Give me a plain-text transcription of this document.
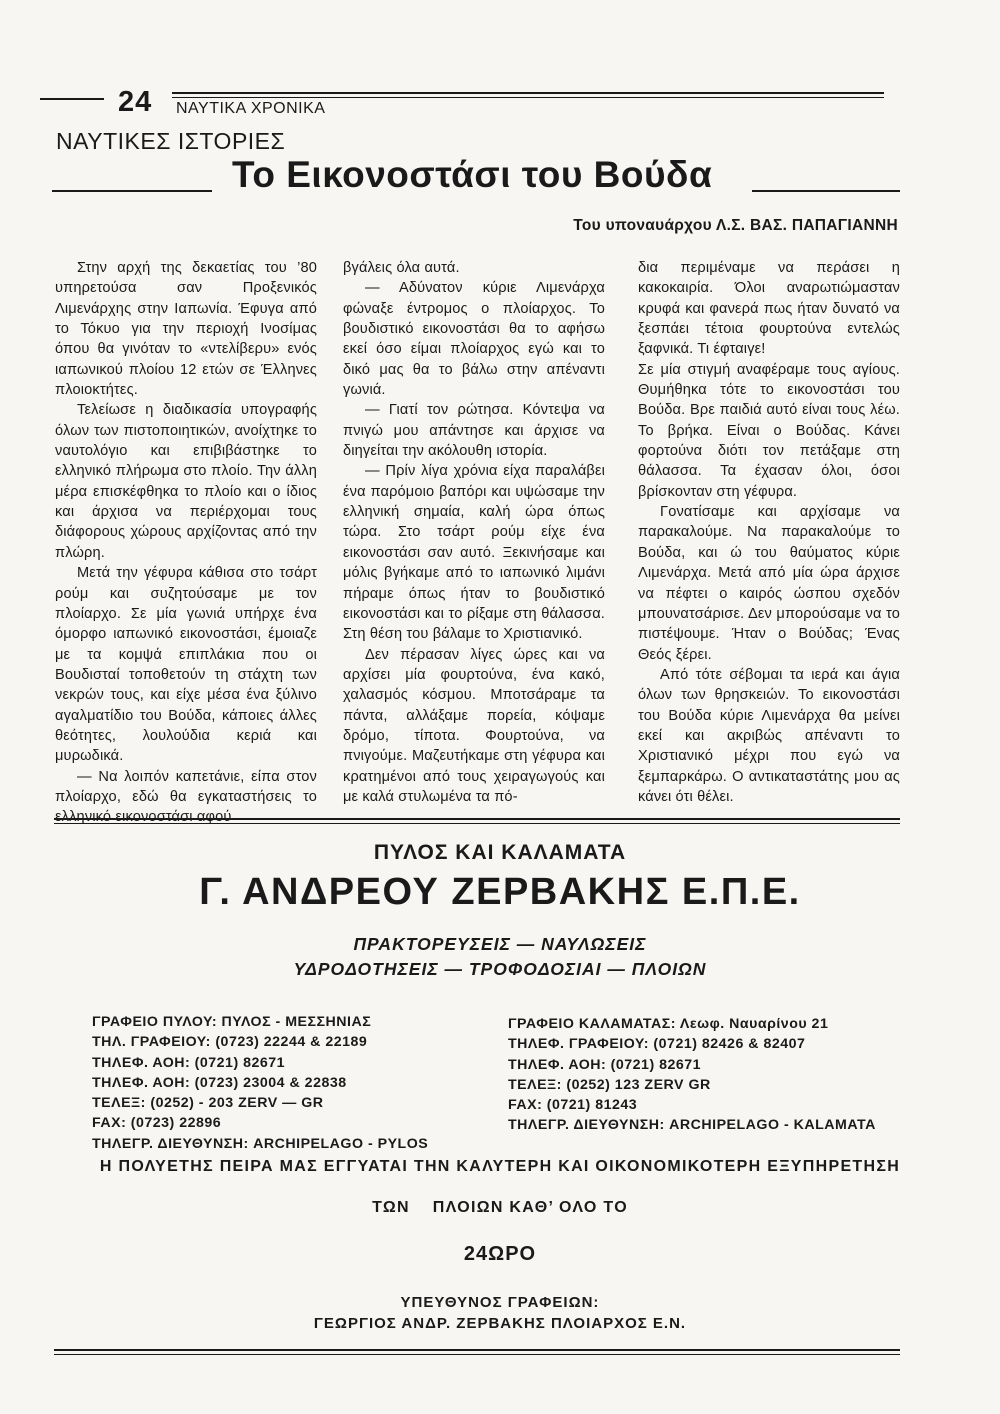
24 ΝΑΥΤΙΚΑ ΧΡΟΝΙΚΑ
ΝΑΥΤΙΚΕΣ ΙΣΤΟΡΙΕΣ
Το Εικονοστάσι του Βούδα
Του υποναυάρχου Λ.Σ. ΒΑΣ. ΠΑΠΑΓΙΑΝΝΗ

Στην αρχή της δεκαετίας του ’80 υπηρετούσα σαν Προξενικός Λιμενάρχης στην Ιαπωνία. Έφυγα από το Τόκυο για την περιοχή Ινοσίμας όπου θα γινόταν το «ντελίβερυ» ενός ιαπωνικού πλοίου 12 ετών σε Έλληνες πλοιοκτήτες.

Τελείωσε η διαδικασία υπογραφής όλων των πιστοποιητικών, ανοίχτηκε το ναυτολόγιο και επιβιβάστηκε το ελληνικό πλήρωμα στο πλοίο. Την άλλη μέρα επισκέφθηκα το πλοίο και ο ίδιος και άρχισα να περιέρχομαι τους διάφορους χώρους αρχίζοντας από την πλώρη.

Μετά την γέφυρα κάθισα στο τσάρτ ρούμ και συζητούσαμε με τον πλοίαρχο. Σε μία γωνιά υπήρχε ένα όμορφο ιαπωνικό εικονοστάσι, έμοιαζε με τα κομψά επιπλάκια που οι Βουδισταί τοποθετούν τη στάχτη των νεκρών τους, και είχε μέσα ένα ξύλινο αγαλματίδιο του Βούδα, κάποιες άλλες θεότητες, λουλούδια κεριά και μυρωδικά.

— Να λοιπόν καπετάνιε, είπα στον πλοίαρχο, εδώ θα εγκαταστήσεις το

βγάλεις όλα αυτά.

— Αδύνατον κύριε Λιμενάρχα φώναξε έντρομος ο πλοίαρχος. Το βουδιστικό εικονοστάσι θα το αφήσω εκεί όσο είμαι πλοίαρχος εγώ και το δικό μας θα το βάλω στην απέναντι γωνιά.

— Γιατί τον ρώτησα. Κόντεψα να πνιγώ μου απάντησε και άρχισε να διηγείται την ακόλουθη ιστορία.

— Πρίν λίγα χρόνια είχα παραλάβει ένα παρόμοιο βαπόρι και υψώσαμε την ελληνική σημαία, καλή ώρα όπως τώρα. Στο τσάρτ ρούμ είχε ένα εικονοστάσι σαν αυτό. Ξεκινήσαμε και μόλις βγήκαμε από το ιαπωνικό λιμάνι πήραμε όπως ήταν το βουδιστικό εικονοστάσι και το ρίξαμε στη θάλασσα. Στη θέση του βάλαμε το Χριστιανικό.

Δεν πέρασαν λίγες ώρες και να αρχίσει μία φουρτούνα, ένα κακό, χαλασμός κόσμου. Μποτσάραμε τα πάντα, αλλάξαμε πορεία, κόψαμε δρόμο, τίποτα. Φουρτούνα, να πνιγούμε. Μαζευτήκαμε στη γέφυρα και κρατημένοι από τους χειραγωγούς και με καλά στυλωμένα τα πό-

δια περιμέναμε να περάσει η κακοκαιρία. Όλοι αναρωτιώμασταν κρυφά και φανερά πως ήταν δυνατό να ξεσπάει τέτοια φουρτούνα εντελώς ξαφνικά. Τι έφταιγε!

Σε μία στιγμή αναφέραμε τους αγίους. Θυμήθηκα τότε το εικονοστάσι του Βούδα. Βρε παιδιά αυτό είναι τους λέω. Το βρήκα. Είναι ο Βούδας. Κάνει φορτούνα διότι τον πετάξαμε στη θάλασσα. Τα έχασαν όλοι, όσοι βρίσκονταν στη γέφυρα.

Γονατίσαμε και αρχίσαμε να παρακαλούμε. Να παρακαλούμε το Βούδα, και ώ του θαύματος κύριε Λιμενάρχα. Μετά από μία ώρα άρχισε να πέφτει ο καιρός ώσπου σχεδόν μπουνατσάρισε. Δεν μπορούσαμε να το πιστέψουμε. Ήταν ο Βούδας; Ένας Θεός ξέρει.

Από τότε σέβομαι τα ιερά και άγια όλων των θρησκειών. Το εικονοστάσι του Βούδα κύριε Λιμενάρχα θα μείνει εκεί και ακριβώς απέναντι το Χριστιανικό μέχρι που εγώ να ξεμπαρκάρω. Ο αντικαταστάτης μου ας κάνει ότι θέλει.

ΠΥΛΟΣ ΚΑΙ ΚΑΛΑΜΑΤΑ
Γ. ΑΝΔΡΕΟΥ ΖΕΡΒΑΚΗΣ Ε.Π.Ε.
ΠΡΑΚΤΟΡΕΥΣΕΙΣ — ΝΑΥΛΩΣΕΙΣ
ΥΔΡΟΔΟΤΗΣΕΙΣ — ΤΡΟΦΟΔΟΣΙΑΙ — ΠΛΟΙΩΝ
ΓΡΑΦΕΙΟ ΠΥΛΟΥ: ΠΥΛΟΣ - ΜΕΣΣΗΝΙΑΣ
ΤΗΛ. ΓΡΑΦΕΙΟΥ: (0723) 22244 & 22189
ΤΗΛΕΦ. ΑΟΗ: (0721) 82671
ΤΗΛΕΦ. ΑΟΗ: (0723) 23004 & 22838
ΤΕΛΕΞ: (0252) - 203 ZERV — GR
FAX: (0723) 22896
ΤΗΛΕΓΡ. ΔΙΕΥΘΥΝΣΗ: ARCHIPELAGO - PYLOS
ΓΡΑΦΕΙΟ ΚΑΛΑΜΑΤΑΣ: Λεωφ. Ναυαρίνου 21
ΤΗΛΕΦ. ΓΡΑΦΕΙΟΥ: (0721) 82426 & 82407
ΤΗΛΕΦ. ΑΟΗ: (0721) 82671
ΤΕΛΕΞ: (0252) 123 ZERV GR
FAX: (0721) 81243
ΤΗΛΕΓΡ. ΔΙΕΥΘΥΝΣΗ: ARCHIPELAGO - KALAMATA
Η ΠΟΛΥΕΤΗΣ ΠΕΙΡΑ ΜΑΣ ΕΓΓΥΑΤΑΙ ΤΗΝ ΚΑΛΥΤΕΡΗ ΚΑΙ ΟΙΚΟΝΟΜΙΚΟΤΕΡΗ ΕΞΥΠΗΡΕΤΗΣΗ
ΤΩΝ    ΠΛΟΙΩΝ ΚΑΘ’ ΟΛΟ ΤΟ
24ΩΡΟ
ΥΠΕΥΘΥΝΟΣ ΓΡΑΦΕΙΩΝ:
ΓΕΩΡΓΙΟΣ ΑΝΔΡ. ΖΕΡΒΑΚΗΣ ΠΛΟΙΑΡΧΟΣ Ε.Ν.
